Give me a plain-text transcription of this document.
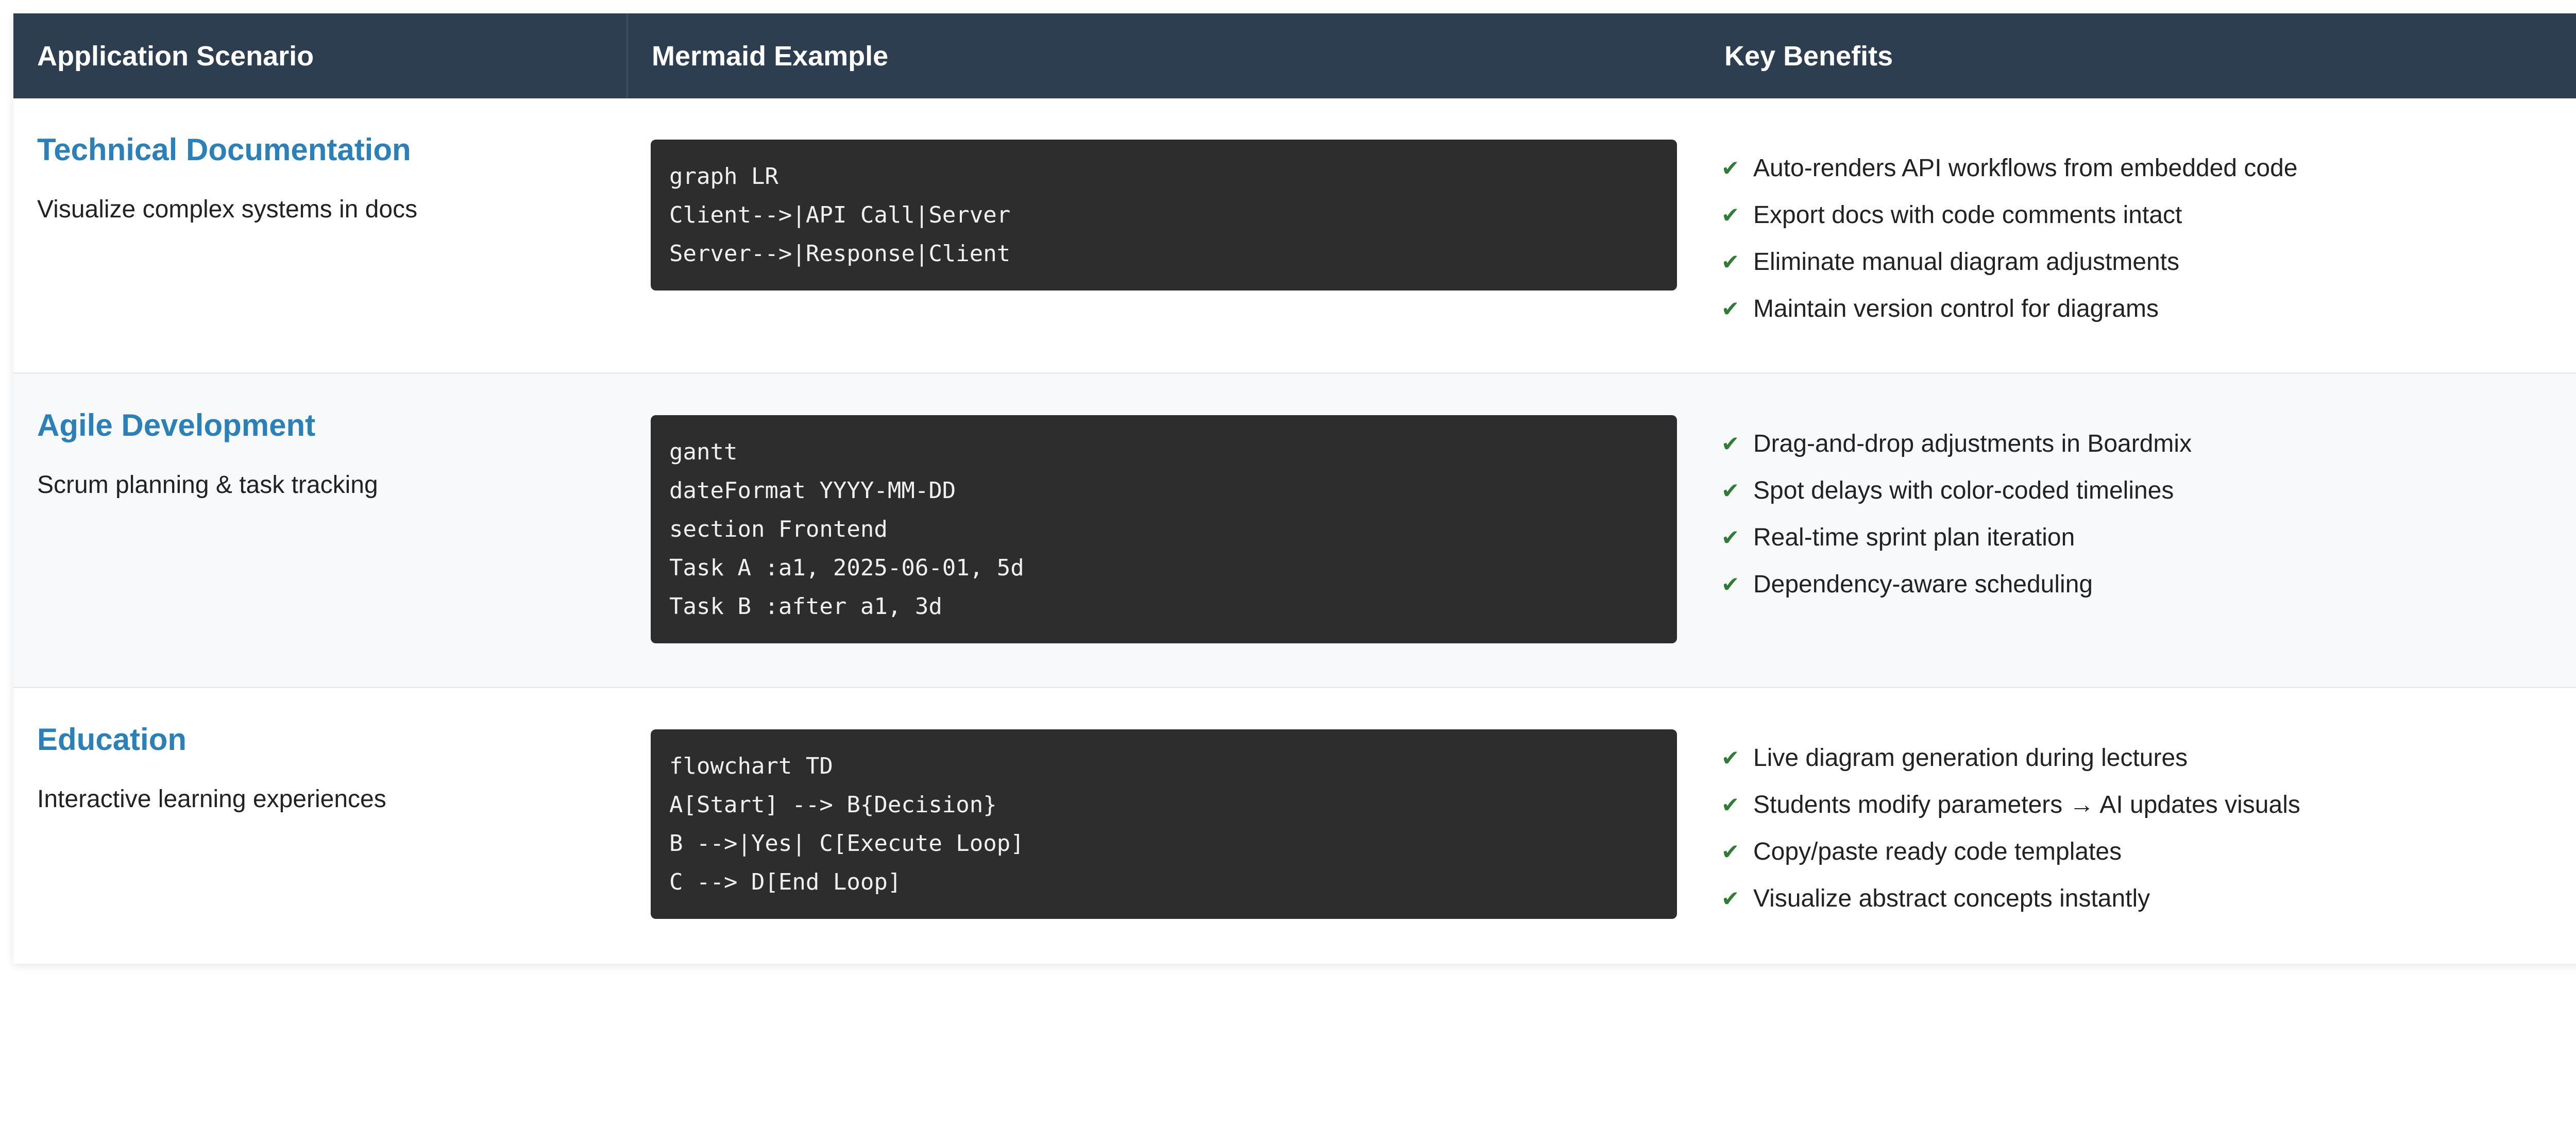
Application Scenario	Mermaid Example	Key Benefits
Technical Documentation
Visualize complex systems in docs
graph LR
Client-->|API Call|Server
Server-->|Response|Client
✔ Auto-renders API workflows from embedded code
✔ Export docs with code comments intact
✔ Eliminate manual diagram adjustments
✔ Maintain version control for diagrams
Agile Development
Scrum planning & task tracking
gantt
dateFormat YYYY-MM-DD
section Frontend
Task A :a1, 2025-06-01, 5d
Task B :after a1, 3d
✔ Drag-and-drop adjustments in Boardmix
✔ Spot delays with color-coded timelines
✔ Real-time sprint plan iteration
✔ Dependency-aware scheduling
Education
Interactive learning experiences
flowchart TD
A[Start] --> B{Decision}
B -->|Yes| C[Execute Loop]
C --> D[End Loop]
✔ Live diagram generation during lectures
✔ Students modify parameters → AI updates visuals
✔ Copy/paste ready code templates
✔ Visualize abstract concepts instantly
